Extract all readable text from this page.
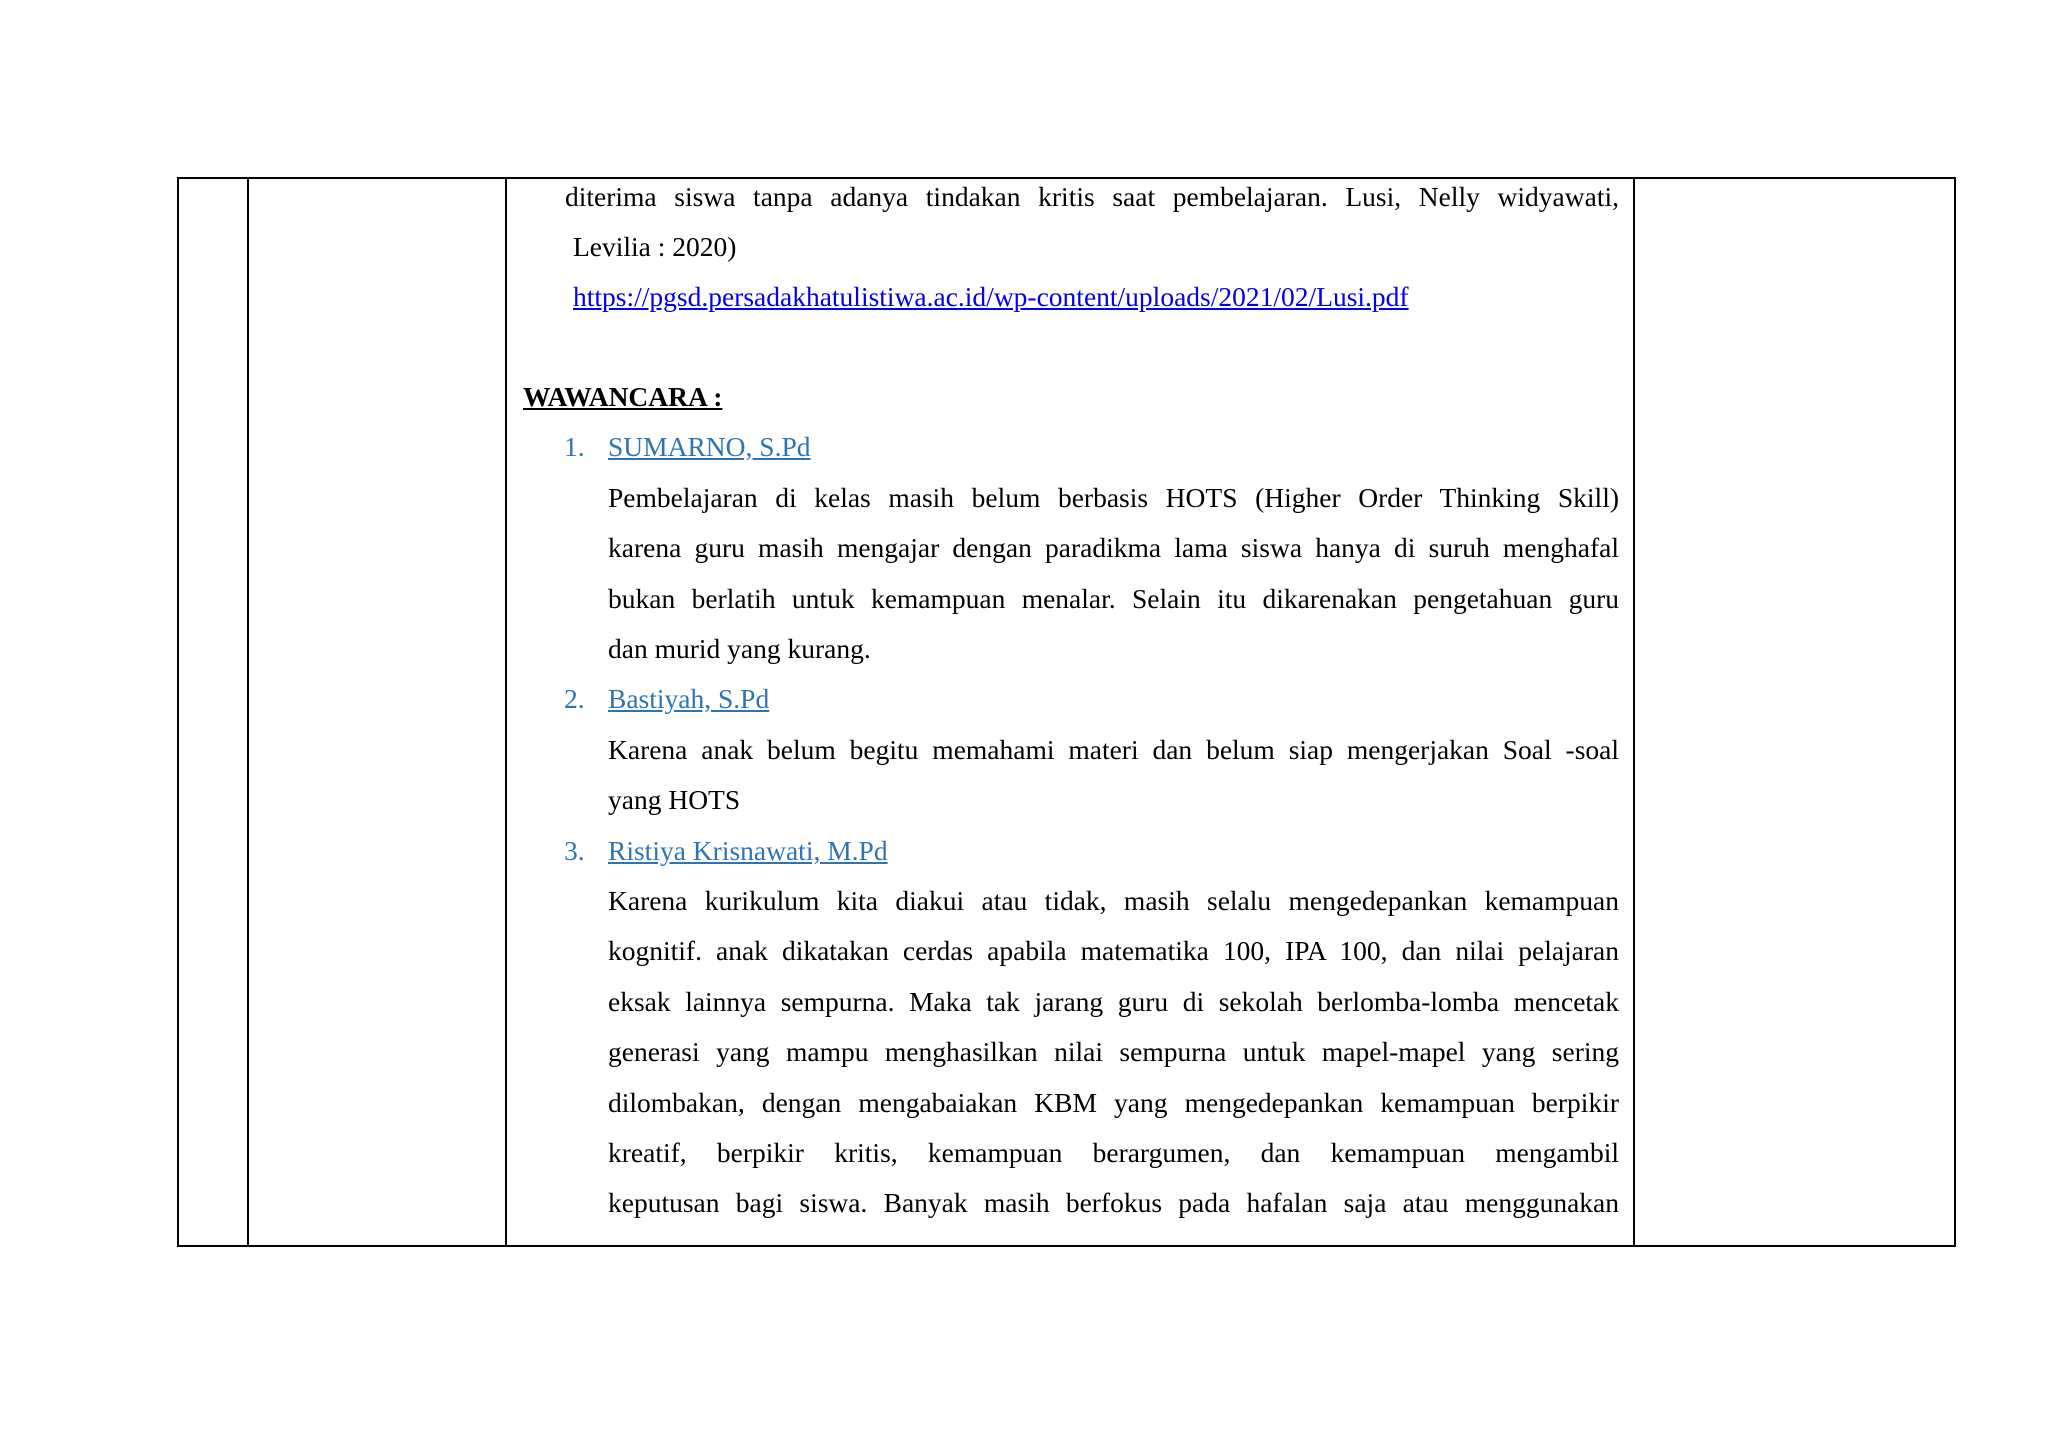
diterima siswa tanpa adanya tindakan kritis saat pembelajaran. Lusi, Nelly widyawati,
Levilia : 2020)
https://pgsd.persadakhatulistiwa.ac.id/wp-content/uploads/2021/02/Lusi.pdf
WAWANCARA :
1. SUMARNO, S.Pd
Pembelajaran di kelas masih belum berbasis HOTS (Higher Order Thinking Skill)
karena guru masih mengajar dengan paradikma lama siswa hanya di suruh menghafal
bukan berlatih untuk kemampuan menalar. Selain itu dikarenakan pengetahuan guru
dan murid yang kurang.
2. Bastiyah, S.Pd
Karena anak belum begitu memahami materi dan belum siap mengerjakan Soal -soal
yang HOTS
3. Ristiya Krisnawati, M.Pd
Karena kurikulum kita diakui atau tidak, masih selalu mengedepankan kemampuan
kognitif. anak dikatakan cerdas apabila matematika 100, IPA 100, dan nilai pelajaran
eksak lainnya sempurna. Maka tak jarang guru di sekolah berlomba-lomba mencetak
generasi yang mampu menghasilkan nilai sempurna untuk mapel-mapel yang sering
dilombakan, dengan mengabaiakan KBM yang mengedepankan kemampuan berpikir
kreatif, berpikir kritis, kemampuan berargumen, dan kemampuan mengambil
keputusan bagi siswa. Banyak masih berfokus pada hafalan saja atau menggunakan
